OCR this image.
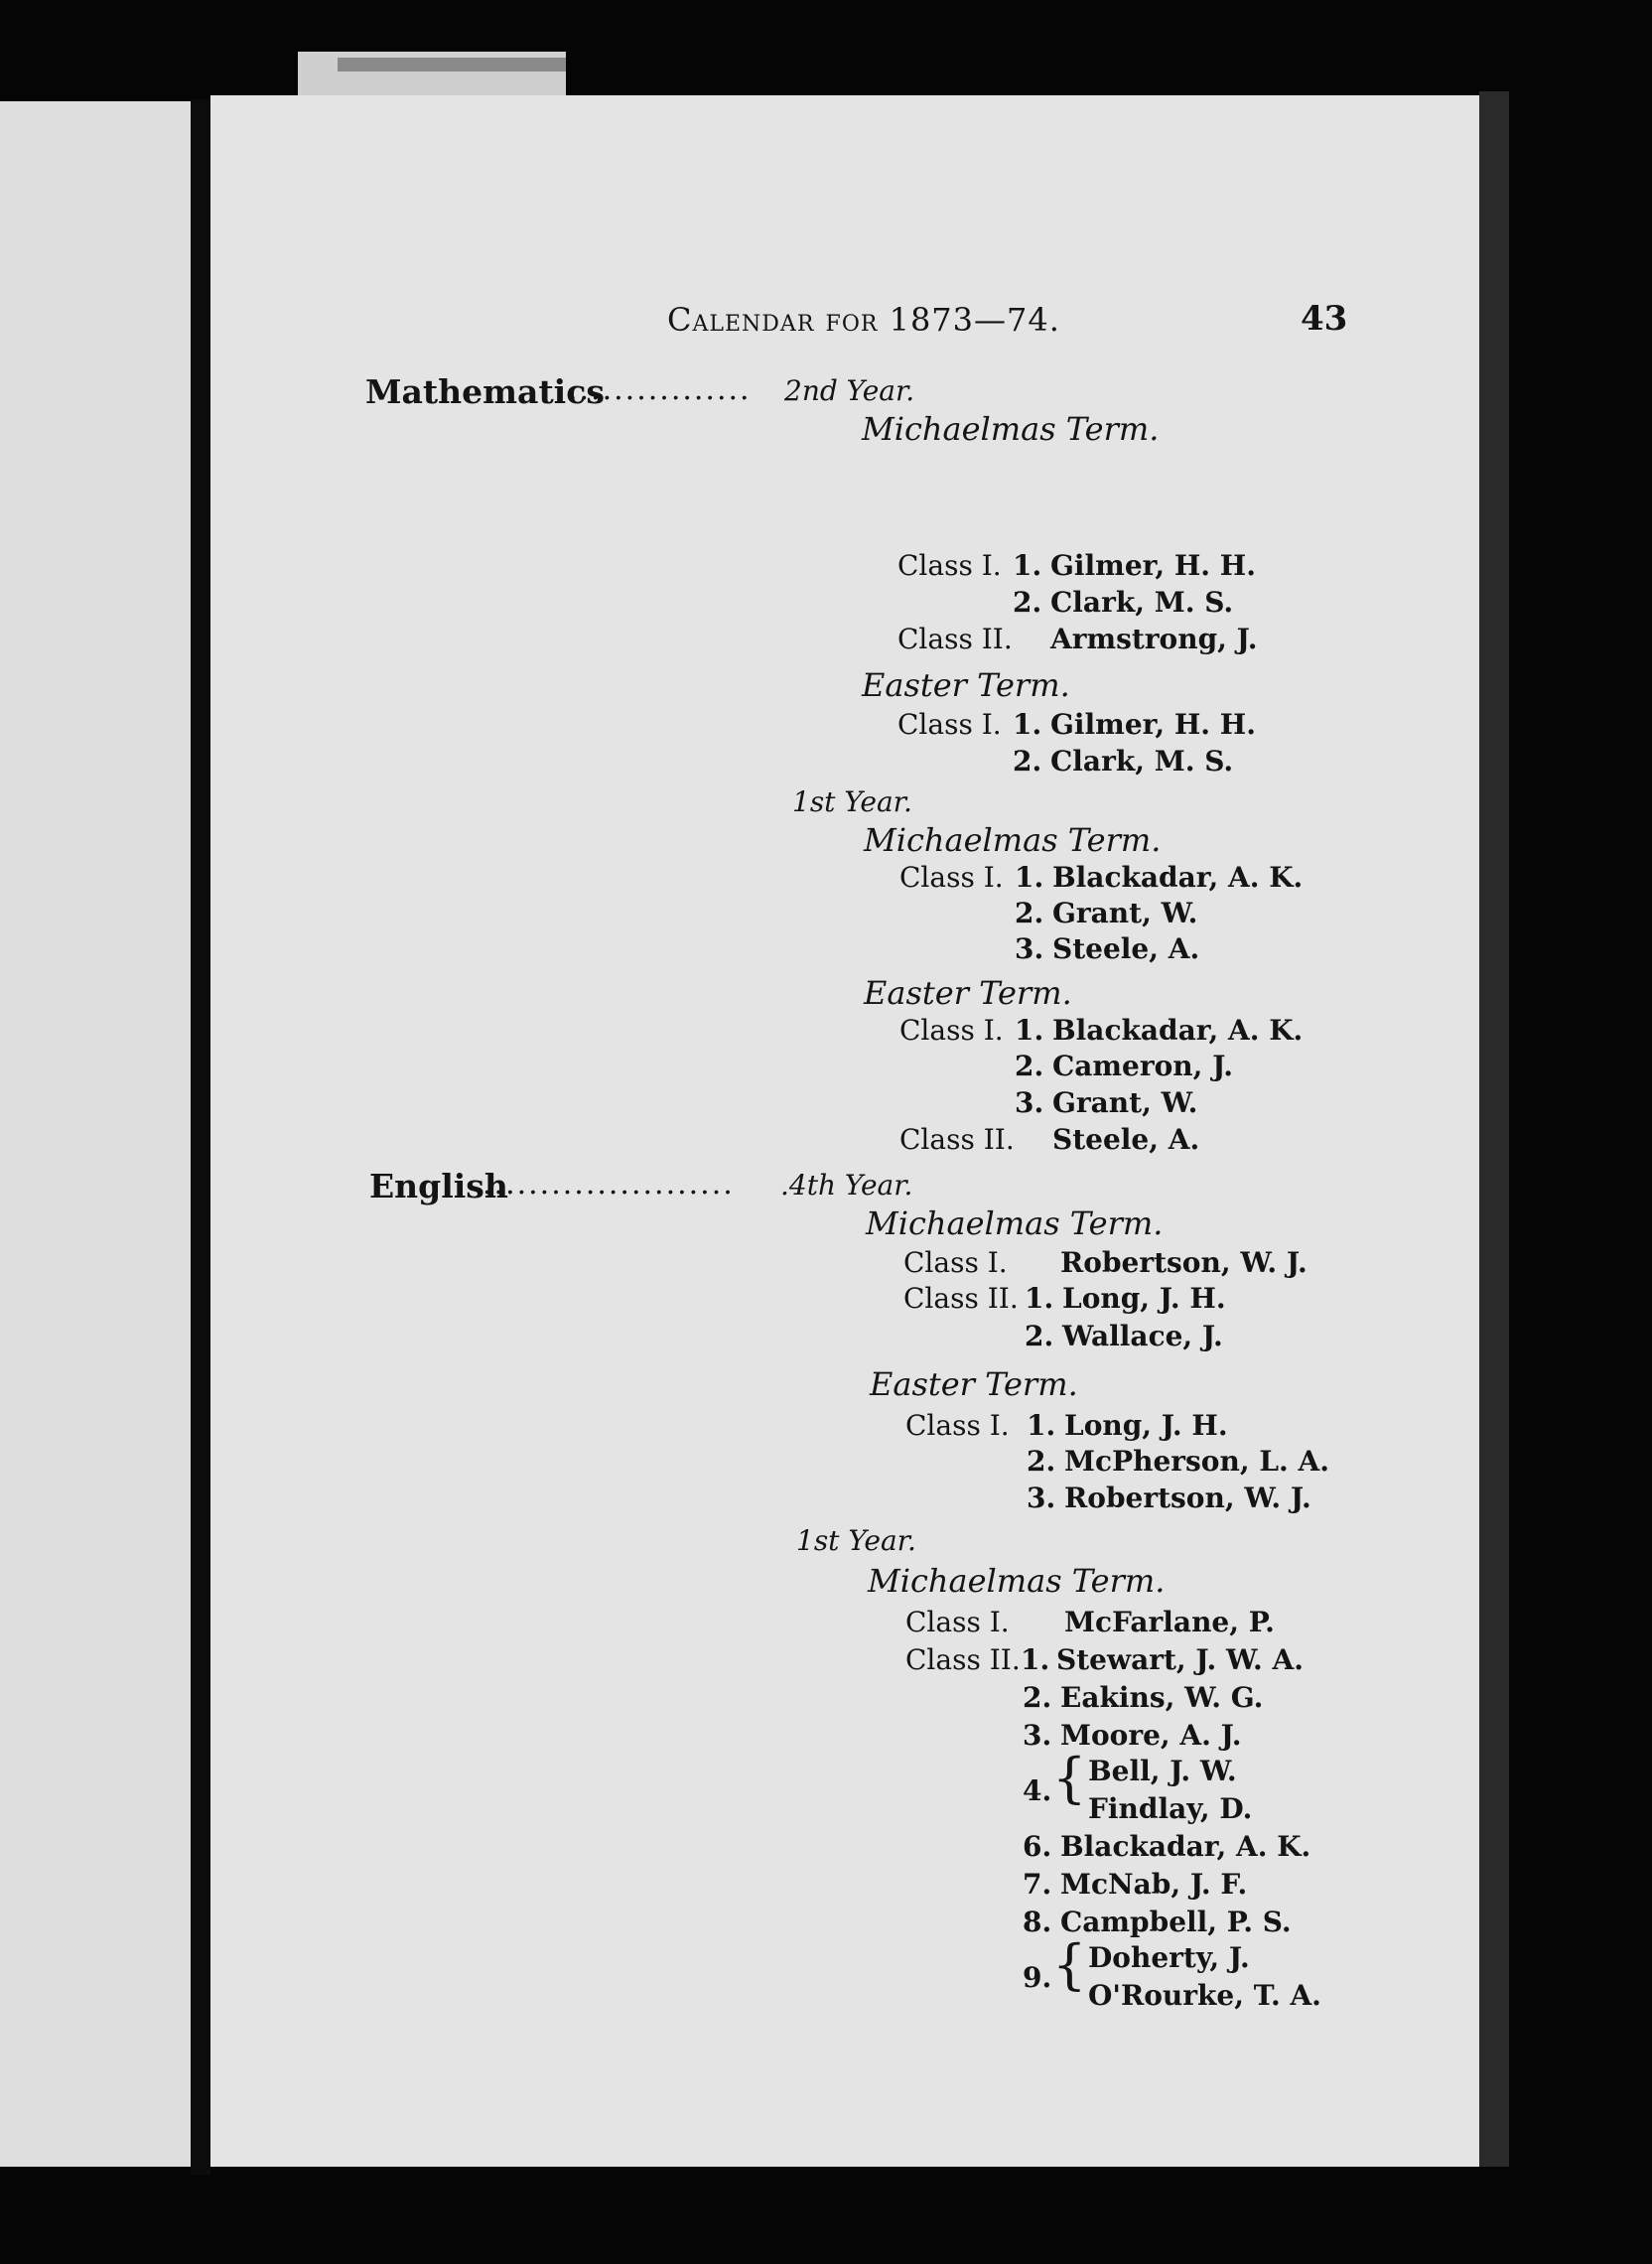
Calendar for 1873—74.	43
Mathematics
................ 2nd Year.
Michaelmas Term.
Class I. 1. Gilmer, H. H.
2. Clark, M. S.
Class II. Armstrong, J.
Easter Term.
Class I. 1. Gilmer, H. H.
2. Clark, M. S.
1st Year.
Michaelmas Term.
Class I. 1. Blackadar, A. K.
2. Grant, W.
3. Steele, A.
Easter Term.
Class I. 1. Blackadar, A. K.
2. Cameron, J.
3. Grant, W.
Class II. Steele, A.
English
...................... .4th Year.
Michaelmas Term.
Class I. Robertson, W. J.
Class II. 1. Long, J. H.
2. Wallace, J.
Easter Term.
Class I. 1. Long, J. H.
2. McPherson, L. A.
3. Robertson, W. J.
1st Year.
Michaelmas Term.
Class I. McFarlane, P.
Class II. 1. Stewart, J. W. A.
2. Eakins, W. G.
3. Moore, A. J.
4. { Bell, J. W.
Findlay, D.
6. Blackadar, A. K.
7. McNab, J. F.
8. Campbell, P. S.
9. { Doherty, J.
O'Rourke, T. A.
